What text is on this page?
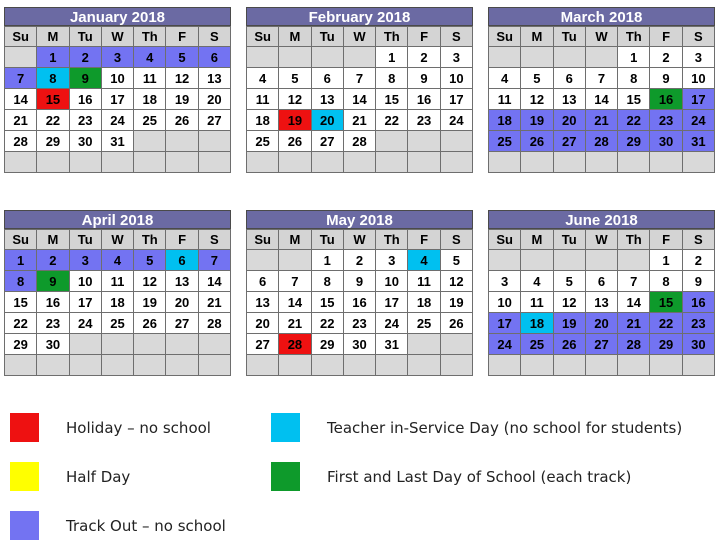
January 2018
Su	M	Tu	W	Th	F	S
	1	2	3	4	5	6
7	8	9	10	11	12	13
14	15	16	17	18	19	20
21	22	23	24	25	26	27
28	29	30	31			

February 2018
Su	M	Tu	W	Th	F	S
				1	2	3
4	5	6	7	8	9	10
11	12	13	14	15	16	17
18	19	20	21	22	23	24
25	26	27	28			

March 2018
Su	M	Tu	W	Th	F	S
				1	2	3
4	5	6	7	8	9	10
11	12	13	14	15	16	17
18	19	20	21	22	23	24
25	26	27	28	29	30	31

April 2018
Su	M	Tu	W	Th	F	S
1	2	3	4	5	6	7
8	9	10	11	12	13	14
15	16	17	18	19	20	21
22	23	24	25	26	27	28
29	30					

May 2018
Su	M	Tu	W	Th	F	S
		1	2	3	4	5
6	7	8	9	10	11	12
13	14	15	16	17	18	19
20	21	22	23	24	25	26
27	28	29	30	31		

June 2018
Su	M	Tu	W	Th	F	S
					1	2
3	4	5	6	7	8	9
10	11	12	13	14	15	16
17	18	19	20	21	22	23
24	25	26	27	28	29	30

Holiday – no school	Teacher in-Service Day (no school for students)
Half Day	First and Last Day of School (each track)
Track Out – no school
